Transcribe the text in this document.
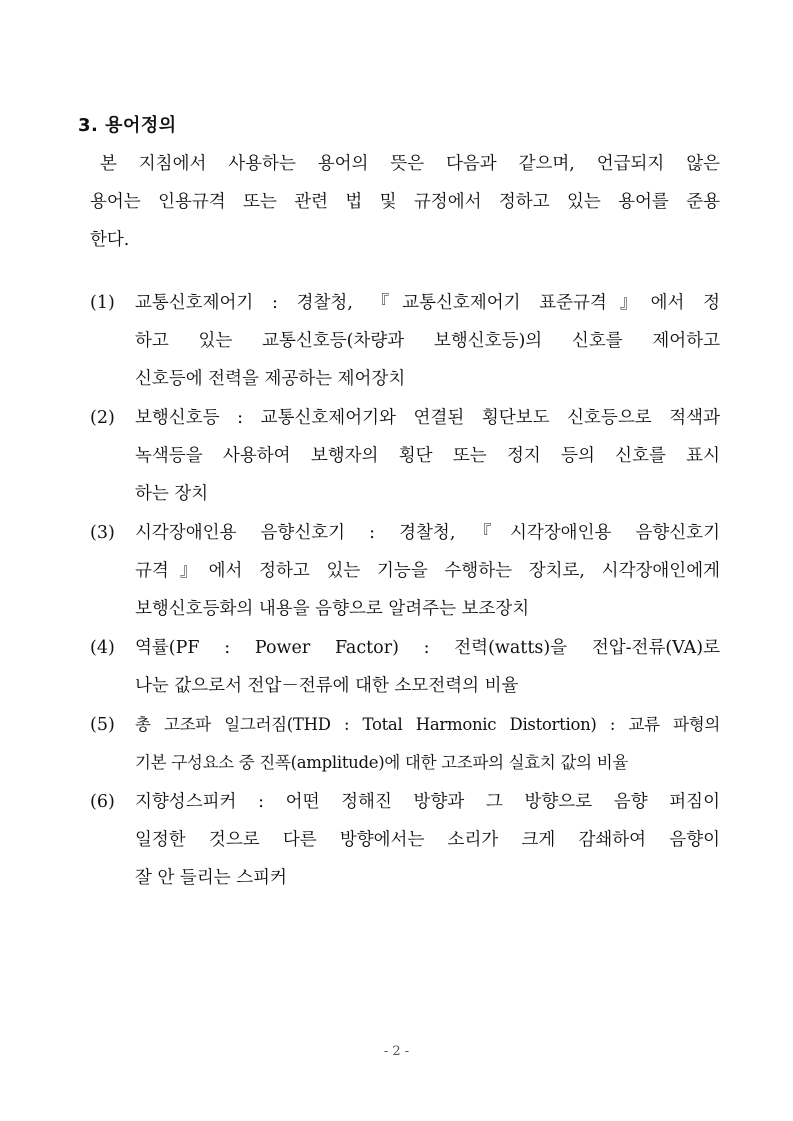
3. 용어정의

본 지침에서 사용하는 용어의 뜻은 다음과 같으며, 언급되지 않은
용어는 인용규격 또는 관련 법 및 규정에서 정하고 있는 용어를 준용
한다.

(1) 교통신호제어기 : 경찰청, 『교통신호제어기 표준규격』에서 정
하고 있는 교통신호등(차량과 보행신호등)의 신호를 제어하고
신호등에 전력을 제공하는 제어장치
(2) 보행신호등 : 교통신호제어기와 연결된 횡단보도 신호등으로 적색과
녹색등을 사용하여 보행자의 횡단 또는 정지 등의 신호를 표시
하는 장치
(3) 시각장애인용 음향신호기 : 경찰청,『시각장애인용 음향신호기
규격』에서 정하고 있는 기능을 수행하는 장치로, 시각장애인에게
보행신호등화의 내용을 음향으로 알려주는 보조장치
(4) 역률(PF : Power Factor) : 전력(watts)을 전압-전류(VA)로
나눈 값으로서 전압－전류에 대한 소모전력의 비율
(5) 총 고조파 일그러짐(THD : Total Harmonic Distortion) : 교류 파형의
기본 구성요소 중 진폭(amplitude)에 대한 고조파의 실효치 값의 비율
(6) 지향성스피커 : 어떤 정해진 방향과 그 방향으로 음향 퍼짐이
일정한 것으로 다른 방향에서는 소리가 크게 감쇄하여 음향이
잘 안 들리는 스피커

- 2 -
